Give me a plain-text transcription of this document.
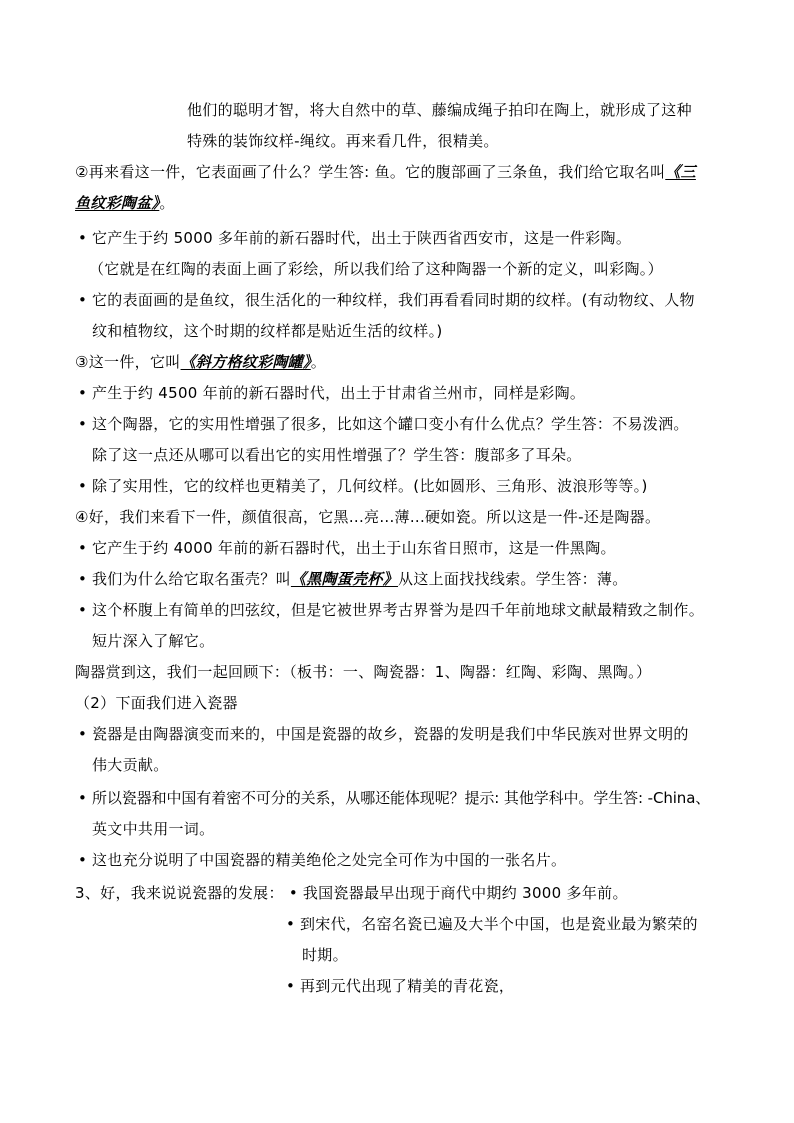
他们的聪明才智，将大自然中的草、藤编成绳子拍印在陶上，就形成了这种
特殊的装饰纹样-绳纹。再来看几件，很精美。
②再来看这一件，它表面画了什么？学生答: 鱼。它的腹部画了三条鱼，我们给它取名叫《三
鱼纹彩陶盆》。
• 它产生于约 5000 多年前的新石器时代，出土于陕西省西安市，这是一件彩陶。
（它就是在红陶的表面上画了彩绘，所以我们给了这种陶器一个新的定义，叫彩陶。）
• 它的表面画的是鱼纹，很生活化的一种纹样，我们再看看同时期的纹样。(有动物纹、人物
纹和植物纹，这个时期的纹样都是贴近生活的纹样。)
③这一件，它叫《斜方格纹彩陶罐》。
• 产生于约 4500 年前的新石器时代，出土于甘肃省兰州市，同样是彩陶。
• 这个陶器，它的实用性增强了很多，比如这个罐口变小有什么优点？学生答：不易泼洒。
除了这一点还从哪可以看出它的实用性增强了？学生答：腹部多了耳朵。
• 除了实用性，它的纹样也更精美了，几何纹样。(比如圆形、三角形、波浪形等等。)
④好，我们来看下一件，颜值很高，它黑...亮...薄...硬如瓷。所以这是一件-还是陶器。
• 它产生于约 4000 年前的新石器时代，出土于山东省日照市，这是一件黑陶。
• 我们为什么给它取名蛋壳？叫《黑陶蛋壳杯》从这上面找找线索。学生答：薄。
• 这个杯腹上有简单的凹弦纹，但是它被世界考古界誉为是四千年前地球文献最精致之制作。
短片深入了解它。
陶器赏到这，我们一起回顾下：（板书：一、陶瓷器：1、陶器：红陶、彩陶、黑陶。）
（2）下面我们进入瓷器
• 瓷器是由陶器演变而来的，中国是瓷器的故乡，瓷器的发明是我们中华民族对世界文明的
伟大贡献。
• 所以瓷器和中国有着密不可分的关系，从哪还能体现呢？提示: 其他学科中。学生答: -China、
英文中共用一词。
• 这也充分说明了中国瓷器的精美绝伦之处完全可作为中国的一张名片。
3、好，我来说说瓷器的发展： • 我国瓷器最早出现于商代中期约 3000 多年前。
• 到宋代，名窑名瓷已遍及大半个中国，也是瓷业最为繁荣的
时期。
• 再到元代出现了精美的青花瓷，
